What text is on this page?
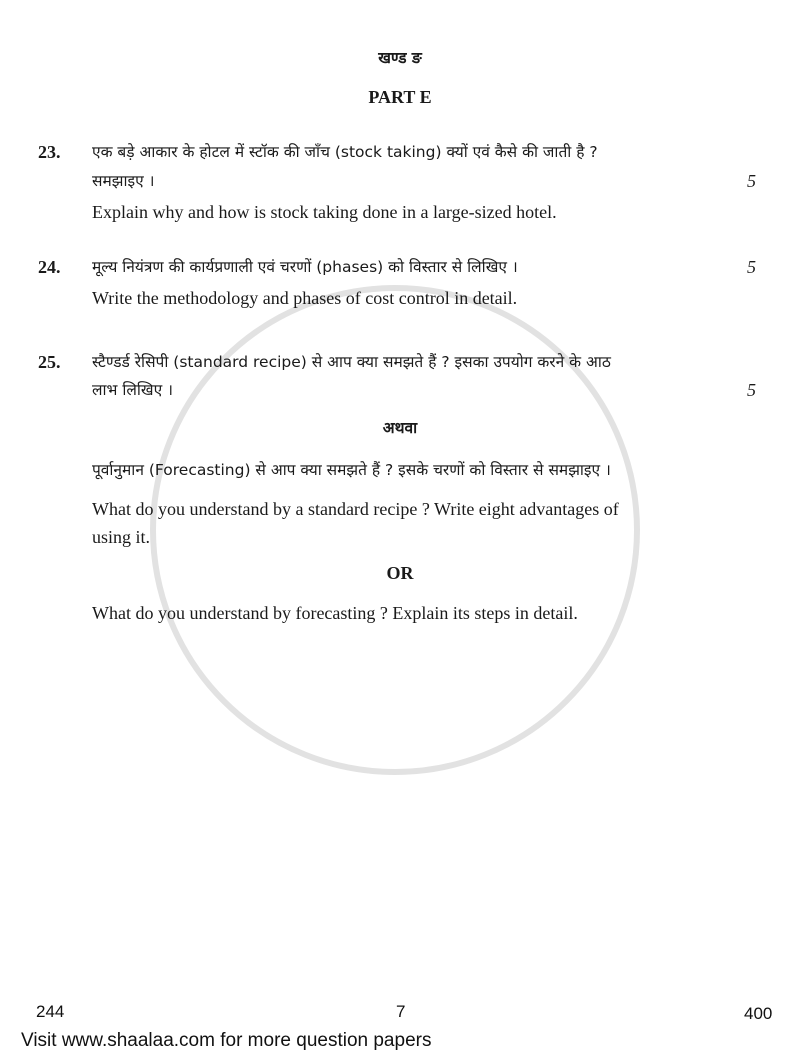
खण्ड ङ
PART E
23. एक बड़े आकार के होटल में स्टॉक की जाँच (stock taking) क्यों एवं कैसे की जाती है ?
समझाइए ।	5
Explain why and how is stock taking done in a large-sized hotel.
24. मूल्य नियंत्रण की कार्यप्रणाली एवं चरणों (phases) को विस्तार से लिखिए ।	5
Write the methodology and phases of cost control in detail.
25. स्टैण्डर्ड रेसिपी (standard recipe) से आप क्या समझते हैं ? इसका उपयोग करने के आठ
लाभ लिखिए ।	5
अथवा
पूर्वानुमान (Forecasting) से आप क्या समझते हैं ? इसके चरणों को विस्तार से समझाइए ।
What do you understand by a standard recipe ? Write eight advantages of
using it.
OR
What do you understand by forecasting ? Explain its steps in detail.
244	7	400
Visit www.shaalaa.com for more question papers
